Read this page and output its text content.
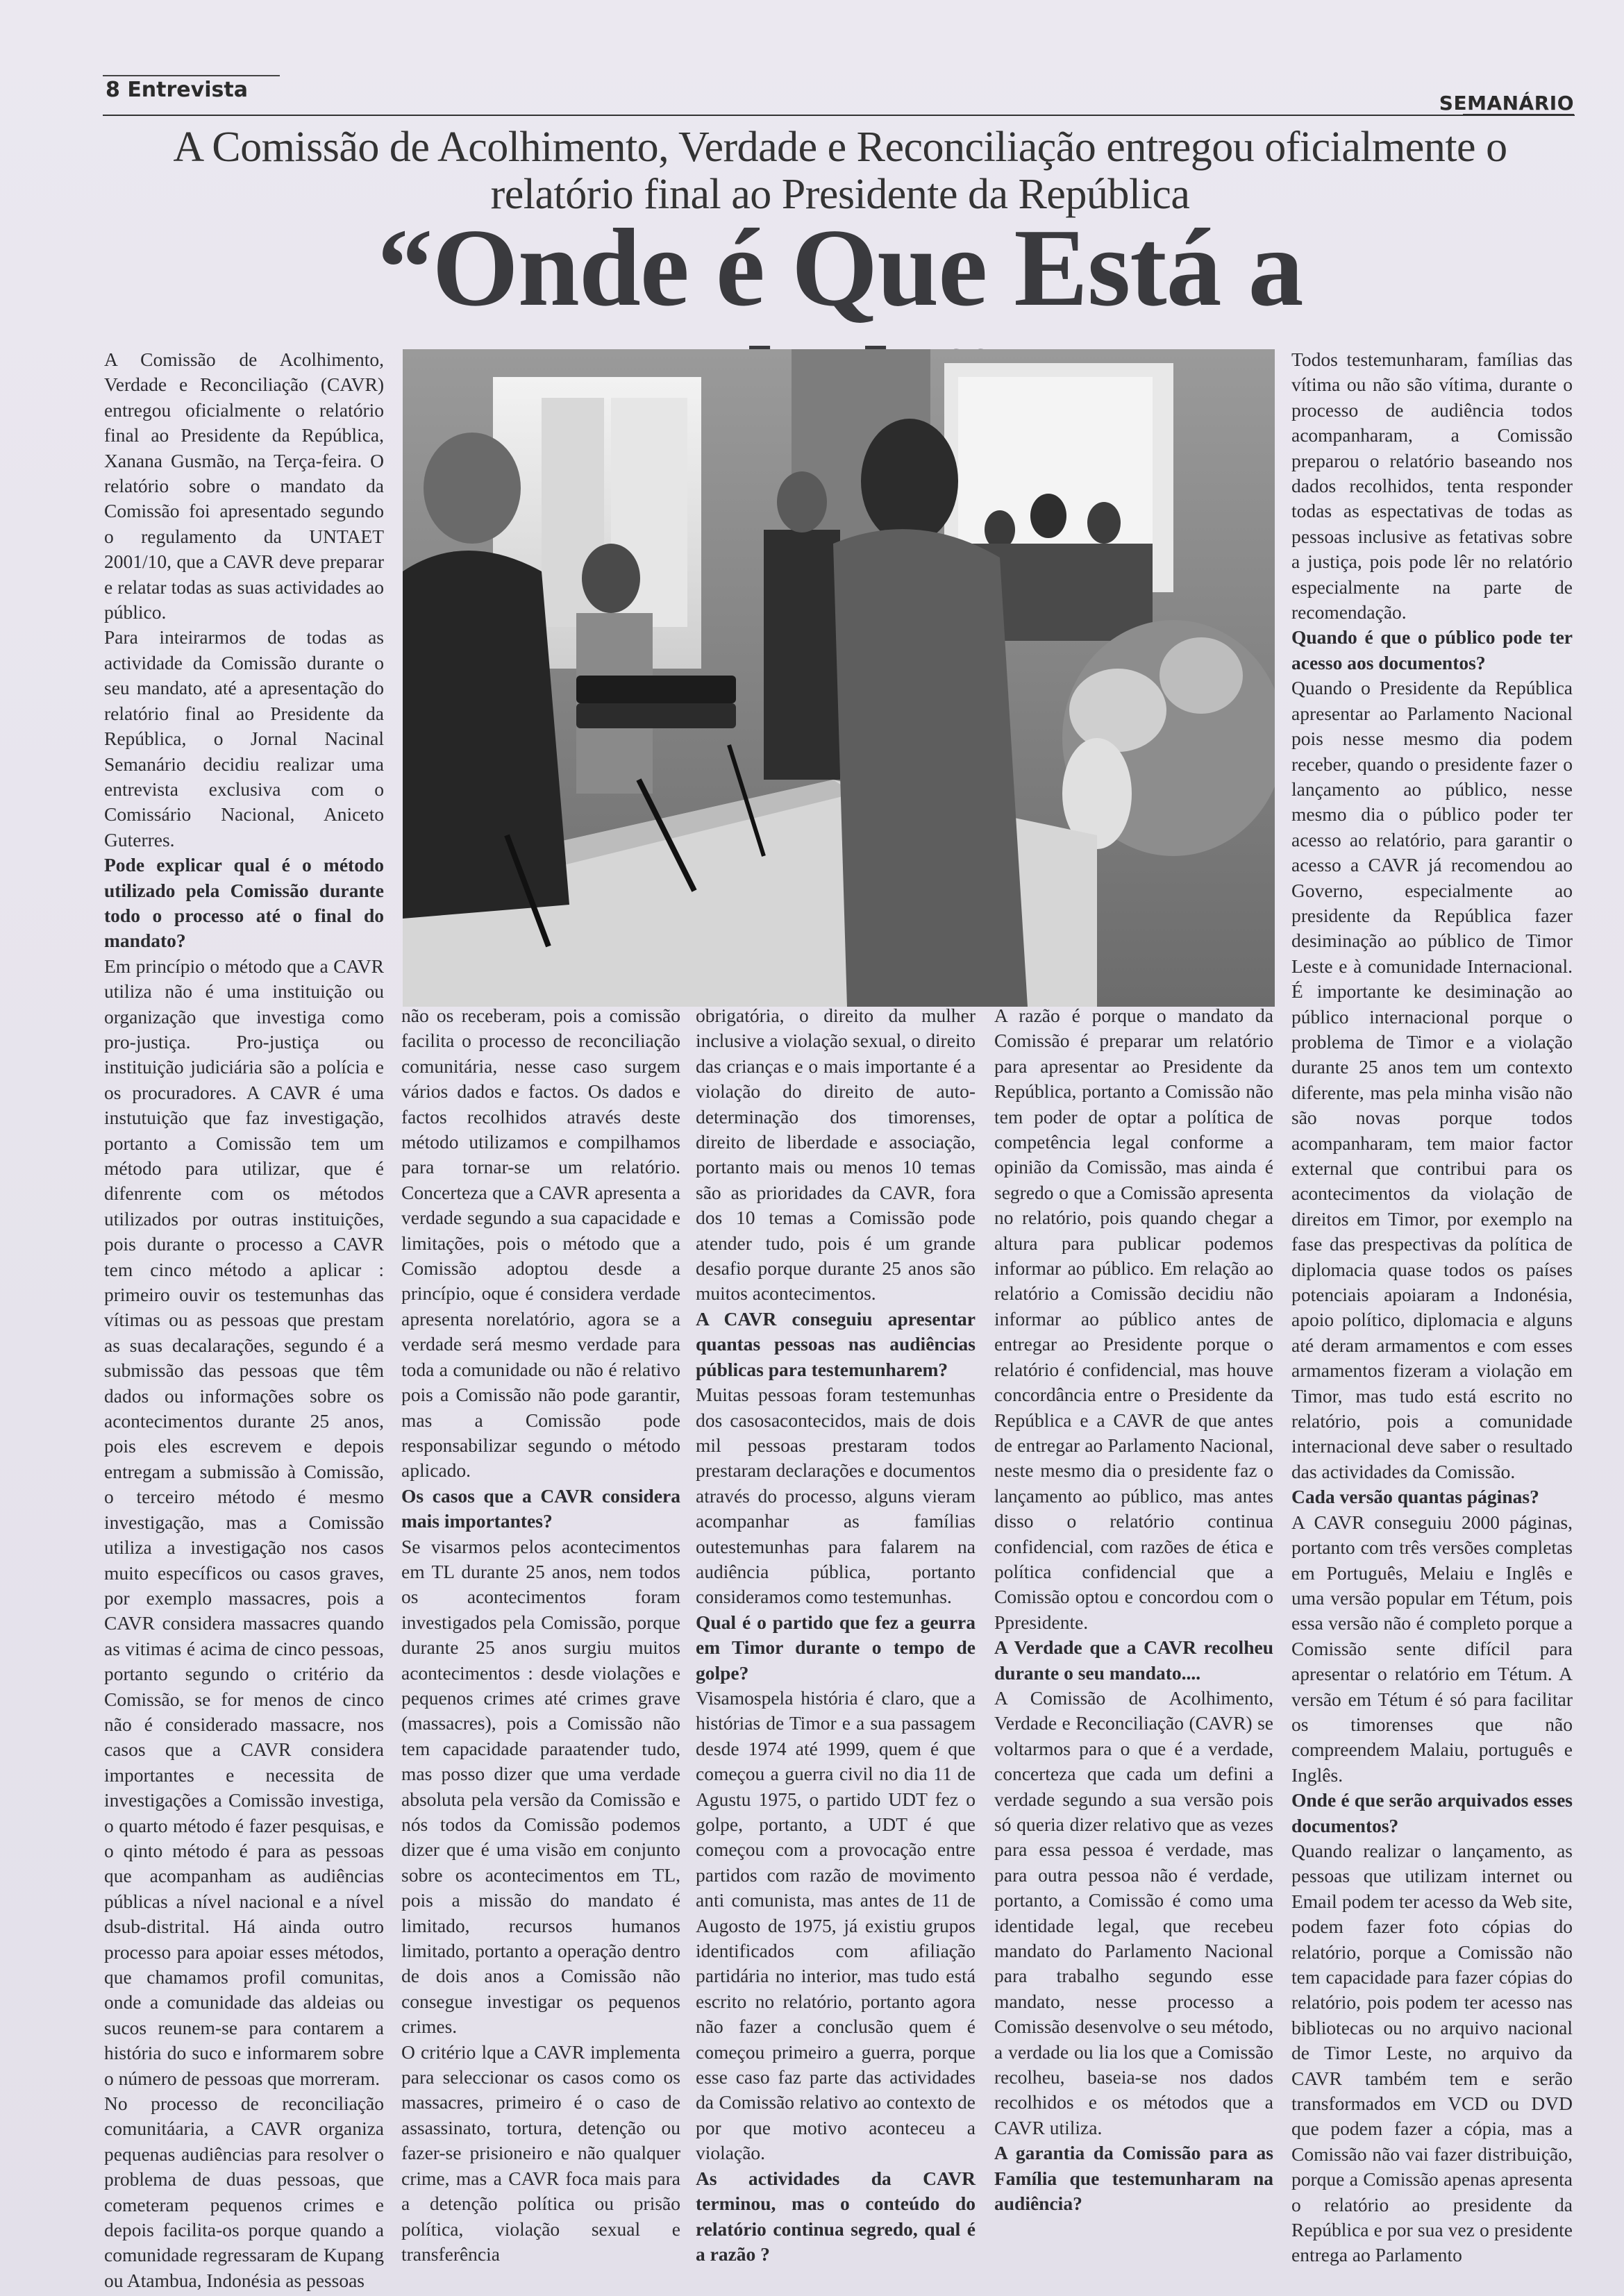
8 Entrevista
SEMANÁRIO
A Comissão de Acolhimento, Verdade e Reconciliação entregou oficialmente o relatório final ao Presidente da República
“Onde é Que Está a

A Comissão de Acolhimento, Verdade e Reconciliação (CAVR) entregou oficialmente o relatório final ao Presidente da República, Xanana Gusmão, na Terça-feira. O relatório sobre o mandato da Comissão foi apresentado segundo o regulamento da UNTAET 2001/10, que a CAVR deve preparar e relatar todas as suas actividades ao público.

Para inteirarmos de todas as actividade da Comissão durante o seu mandato, até a apresentação do relatório final ao Presidente da República, o Jornal Nacinal Semanário decidiu realizar uma entrevista exclusiva com o Comissário Nacional, Aniceto Guterres.

Pode explicar qual é o método utilizado pela Comissão durante todo o processo até o final do mandato?

Em princípio o método que a CAVR utiliza não é uma instituição ou organização que investiga como pro-justiça. Pro-justiça ou instituição judiciária são a polícia e os procuradores. A CAVR é uma instutuição que faz investigação, portanto a Comissão tem um método para utilizar, que é difenrente com os métodos utilizados por outras instituições, pois durante o processo a CAVR tem cinco método a aplicar : primeiro ouvir os testemunhas das vítimas ou as pessoas que prestam as suas decalarações, segundo é a submissão das pessoas que têm dados ou informações sobre os acontecimentos durante 25 anos, pois eles escrevem e depois entregam a submissão à Comissão, o terceiro método é mesmo investigação, mas a Comissão utiliza a investigação nos casos muito específicos ou casos graves, por exemplo massacres, pois a CAVR considera massacres quando as vitimas é acima de cinco pessoas, portanto segundo o critério da Comissão, se for menos de cinco não é considerado massacre, nos casos que a CAVR considera importantes e necessita de investigações a Comissão investiga, o quarto método é fazer pesquisas, e o qinto método é para as pessoas que acompanham as audiências públicas a nível nacional e a nível dsub-distrital. Há ainda outro processo para apoiar esses métodos, que chamamos profil comunitas, onde a comunidade das aldeias ou sucos reunem-se para contarem a história do suco e informarem sobre o número de pessoas que morreram.

No processo de reconciliação comunitáaria, a CAVR organiza pequenas audiências para resolver o problema de duas pessoas, que cometeram pequenos crimes e depois facilita-os porque quando a comunidade regressaram de Kupang ou Atambua, Indonésia as pessoas

não os receberam, pois a comissão facilita o processo de reconciliação comunitária, nesse caso surgem vários dados e factos. Os dados e factos recolhidos através deste método utilizamos e compilhamos para tornar-se um relatório. Concerteza que a CAVR apresenta a verdade segundo a sua capacidade e limitações, pois o método que a Comissão adoptou desde a princípio, oque é considera verdade apresenta norelatório, agora se a verdade será mesmo verdade para toda a comunidade ou não é relativo pois a Comissão não pode garantir, mas a Comissão pode responsabilizar segundo o método aplicado.

Os casos que a CAVR considera mais importantes?

Se visarmos pelos acontecimentos em TL durante 25 anos, nem todos os acontecimentos foram investigados pela Comissão, porque durante 25 anos surgiu muitos acontecimentos : desde violações e pequenos crimes até crimes grave (massacres), pois a Comissão não tem capacidade paraatender tudo, mas posso dizer que uma verdade absoluta pela versão da Comissão e nós todos da Comissão podemos dizer que é uma visão em conjunto sobre os acontecimentos em TL, pois a missão do mandato é limitado, recursos humanos limitado, portanto a operação dentro de dois anos a Comissão não consegue investigar os pequenos crimes.

O critério lque a CAVR implementa para seleccionar os casos como os massacres, primeiro é o caso de assassinato, tortura, detenção ou fazer-se prisioneiro e não qualquer crime, mas a CAVR foca mais para a detenção política ou prisão política, violação sexual e transferência

obrigatória, o direito da mulher inclusive a violação sexual, o direito das crianças e o mais importante é a violação do direito de auto-determinação dos timorenses, direito de liberdade e associação, portanto mais ou menos 10 temas são as prioridades da CAVR, fora dos 10 temas a Comissão pode atender tudo, pois é um grande desafio porque durante 25 anos são muitos acontecimentos.

A CAVR conseguiu apresentar quantas pessoas nas audiências públicas para testemunharem?

Muitas pessoas foram testemunhas dos casosacontecidos, mais de dois mil pessoas prestaram todos prestaram declarações e documentos através do processo, alguns vieram acompanhar as famílias outestemunhas para falarem na audiência pública, portanto consideramos como testemunhas.

Qual é o partido que fez a geurra em Timor durante o tempo de golpe?

Visamospela história é claro, que a histórias de Timor e a sua passagem desde 1974 até 1999, quem é que começou a guerra civil no dia 11 de Agustu 1975, o partido UDT fez o golpe, portanto, a UDT é que começou com a provocação entre partidos com razão de movimento anti comunista, mas antes de 11 de Augosto de 1975, já existiu grupos identificados com afiliação partidária no interior, mas tudo está escrito no relatório, portanto agora não fazer a conclusão quem é começou primeiro a guerra, porque esse caso faz parte das actividades da Comissão relativo ao contexto de por que motivo aconteceu a violação.

As actividades da CAVR terminou, mas o conteúdo do relatório continua segredo, qual é a razão ?

A razão é porque o mandato da Comissão é preparar um relatório para apresentar ao Presidente da República, portanto a Comissão não tem poder de optar a política de competência legal conforme a opinião da Comissão, mas ainda é segredo o que a Comissão apresenta no relatório, pois quando chegar a altura para publicar podemos informar ao público. Em relação ao relatório a Comissão decidiu não informar ao público antes de entregar ao Presidente porque o relatório é confidencial, mas houve concordância entre o Presidente da República e a CAVR de que antes de entregar ao Parlamento Nacional, neste mesmo dia o presidente faz o lançamento ao público, mas antes disso o relatório continua confidencial, com razões de ética e política confidencial que a Comissão optou e concordou com o Ppresidente.

A Verdade que a CAVR recolheu durante o seu mandato....

A Comissão de Acolhimento, Verdade e Reconciliação (CAVR) se voltarmos para o que é a verdade, concerteza que cada um defini a verdade segundo a sua versão pois só queria dizer relativo que as vezes para essa pessoa é verdade, mas para outra pessoa não é verdade, portanto, a Comissão é como uma identidade legal, que recebeu mandato do Parlamento Nacional para trabalho segundo esse mandato, nesse processo a Comissão desenvolve o seu método, a verdade ou lia los que a Comissão recolheu, baseia-se nos dados recolhidos e os métodos que a CAVR utiliza.

A garantia da Comissão para as Família que testemunharam na audiência?

Todos testemunharam, famílias das vítima ou não são vítima, durante o processo de audiência todos acompanharam, a Comissão preparou o relatório baseando nos dados recolhidos, tenta responder todas as espectativas de todas as pessoas inclusive as fetativas sobre a justiça, pois pode lêr no relatório especialmente na parte de recomendação.

Quando é que o público pode ter acesso aos documentos?

Quando o Presidente da República apresentar ao Parlamento Nacional pois nesse mesmo dia podem receber, quando o presidente fazer o lançamento ao público, nesse mesmo dia o público poder ter acesso ao relatório, para garantir o acesso a CAVR já recomendou ao Governo, especialmente ao presidente da República fazer desiminação ao público de Timor Leste e à comunidade Internacional. É importante ke desiminação ao público internacional porque o problema de Timor e a violação durante 25 anos tem um contexto diferente, mas pela minha visão não são novas porque todos acompanharam, tem maior factor external que contribui para os acontecimentos da violação de direitos em Timor, por exemplo na fase das prespectivas da política de diplomacia quase todos os países potenciais apoiaram a Indonésia, apoio político, diplomacia e alguns até deram armamentos e com esses armamentos fizeram a violação em Timor, mas tudo está escrito no relatório, pois a comunidade internacional deve saber o resultado das actividades da Comissão.

Cada versão quantas páginas?

A CAVR conseguiu 2000 páginas, portanto com três versões completas em Português, Melaiu e Inglês e uma versão popular em Tétum, pois essa versão não é completo porque a Comissão sente difícil para apresentar o relatório em Tétum. A versão em Tétum é só para facilitar os timorenses que não compreendem Malaiu, português e Inglês.

Onde é que serão arquivados esses documentos?

Quando realizar o lançamento, as pessoas que utilizam internet ou Email podem ter acesso da Web site, podem fazer foto cópias do relatório, porque a Comissão não tem capacidade para fazer cópias do relatório, pois podem ter acesso nas bibliotecas ou no arquivo nacional de Timor Leste, no arquivo da CAVR também tem e serão transformados em VCD ou DVD que podem fazer a cópia, mas a Comissão não vai fazer distribuição, porque a Comissão apenas apresenta o relatório ao presidente da República e por sua vez o presidente entrega ao Parlamento
